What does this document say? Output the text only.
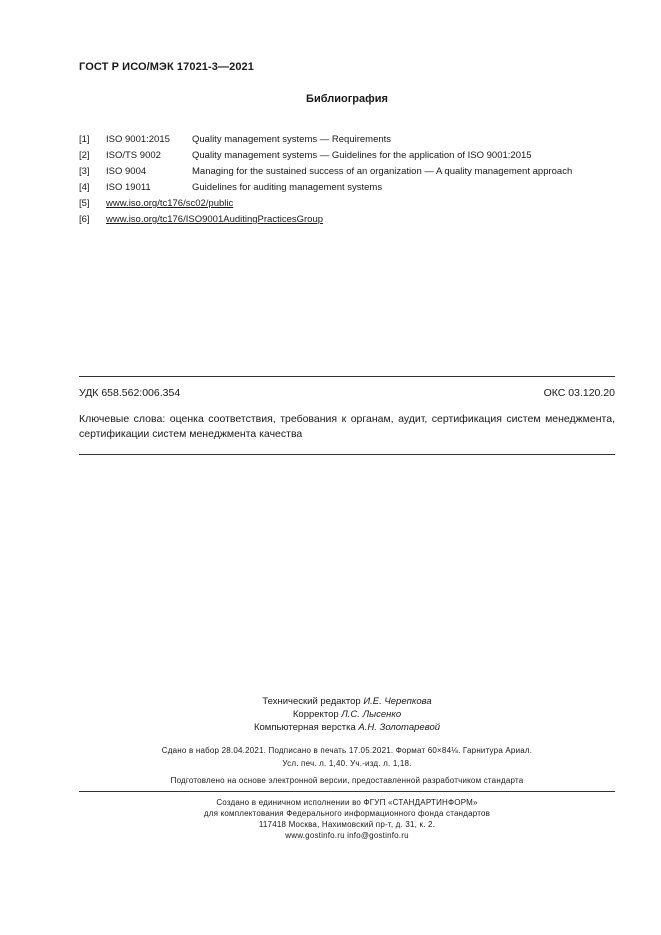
ГОСТ Р ИСО/МЭК 17021-3—2021
Библиография
[1]	ISO 9001:2015	Quality management systems — Requirements
[2]	ISO/TS 9002	Quality management systems — Guidelines for the application of ISO 9001:2015
[3]	ISO 9004	Managing for the sustained success of an organization — A quality management approach
[4]	ISO 19011	Guidelines for auditing management systems
[5]	www.iso.org/tc176/sc02/public
[6]	www.iso.org/tc176/ISO9001AuditingPracticesGroup
УДК 658.562:006.354	ОКС 03.120.20
Ключевые слова: оценка соответствия, требования к органам, аудит, сертификация систем менеджмента, сертификации систем менеджмента качества
Технический редактор И.Е. Черепкова
Корректор Л.С. Лысенко
Компьютерная верстка А.Н. Золотаревой
Сдано в набор 28.04.2021. Подписано в печать 17.05.2021. Формат 60×84⅛. Гарнитура Ариал.
Усл. печ. л. 1,40. Уч.-изд. л. 1,18.
Подготовлено на основе электронной версии, предоставленной разработчиком стандарта
Создано в единичном исполнении во ФГУП «СТАНДАРТИНФОРМ»
для комплектования Федерального информационного фонда стандартов
117418 Москва, Нахимовский пр-т, д. 31, к. 2.
www.gostinfo.ru info@gostinfo.ru
